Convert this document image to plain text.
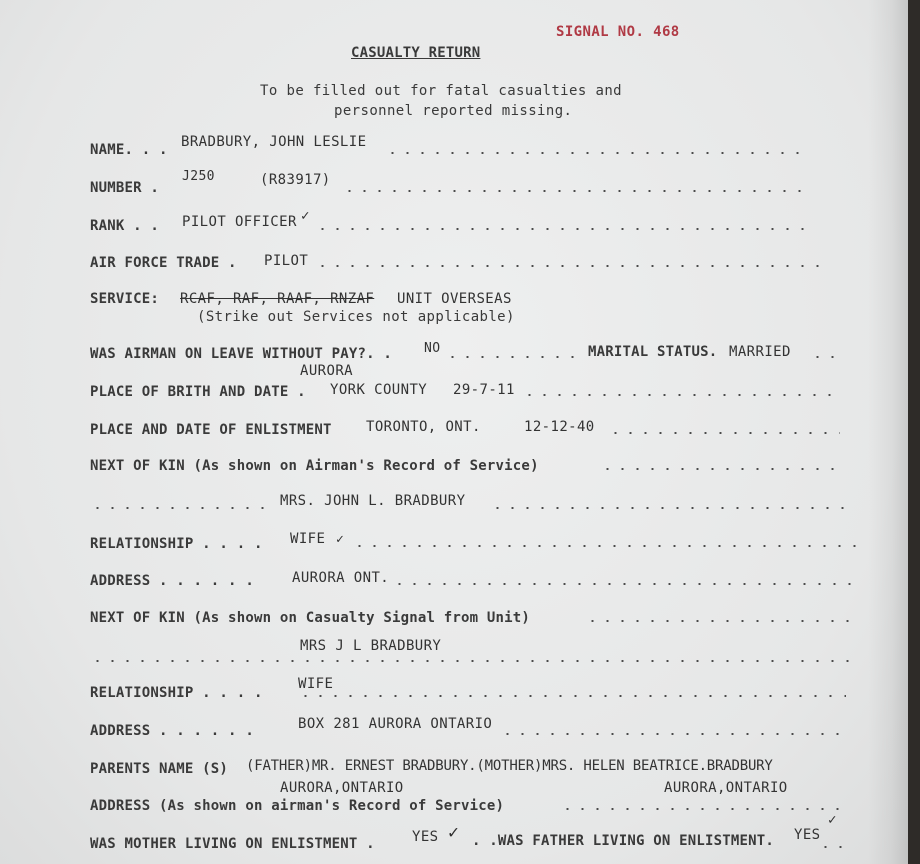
SIGNAL NO. 468
CASUALTY RETURN
To be filled out for fatal casualties and
personnel reported missing.
NAME. . . BRADBURY, JOHN LESLIE
NUMBER .
J250	(R83917)
RANK . . PILOT OFFICER ✓
AIR FORCE TRADE . PILOT
SERVICE: RCAF, RAF, RAAF, RNZAF UNIT OVERSEAS
(Strike out Services not applicable)
WAS AIRMAN ON LEAVE WITHOUT PAY?. . NO	MARITAL STATUS. MARRIED
AURORA
PLACE OF BRITH AND DATE . YORK COUNTY 29-7-11
PLACE AND DATE OF ENLISTMENT TORONTO, ONT.	12-12-40
NEXT OF KIN (As shown on Airman's Record of Service)
MRS. JOHN L. BRADBURY
RELATIONSHIP . . . . WIFE ✓
ADDRESS . . . . . .	AURORA ONT.
NEXT OF KIN (As shown on Casualty Signal from Unit)
MRS J L BRADBURY
WIFE
RELATIONSHIP . . . .
ADDRESS . . . . . .	BOX 281 AURORA ONTARIO
PARENTS NAME (S) (FATHER)MR. ERNEST BRADBURY.(MOTHER)MRS. HELEN BEATRICE.BRADBURY
AURORA,ONTARIO	AURORA,ONTARIO
ADDRESS (As shown on airman's Record of Service)
WAS MOTHER LIVING ON ENLISTMENT .	YES ✓ . .WAS FATHER LIVING ON ENLISTMENT. YES
✓
